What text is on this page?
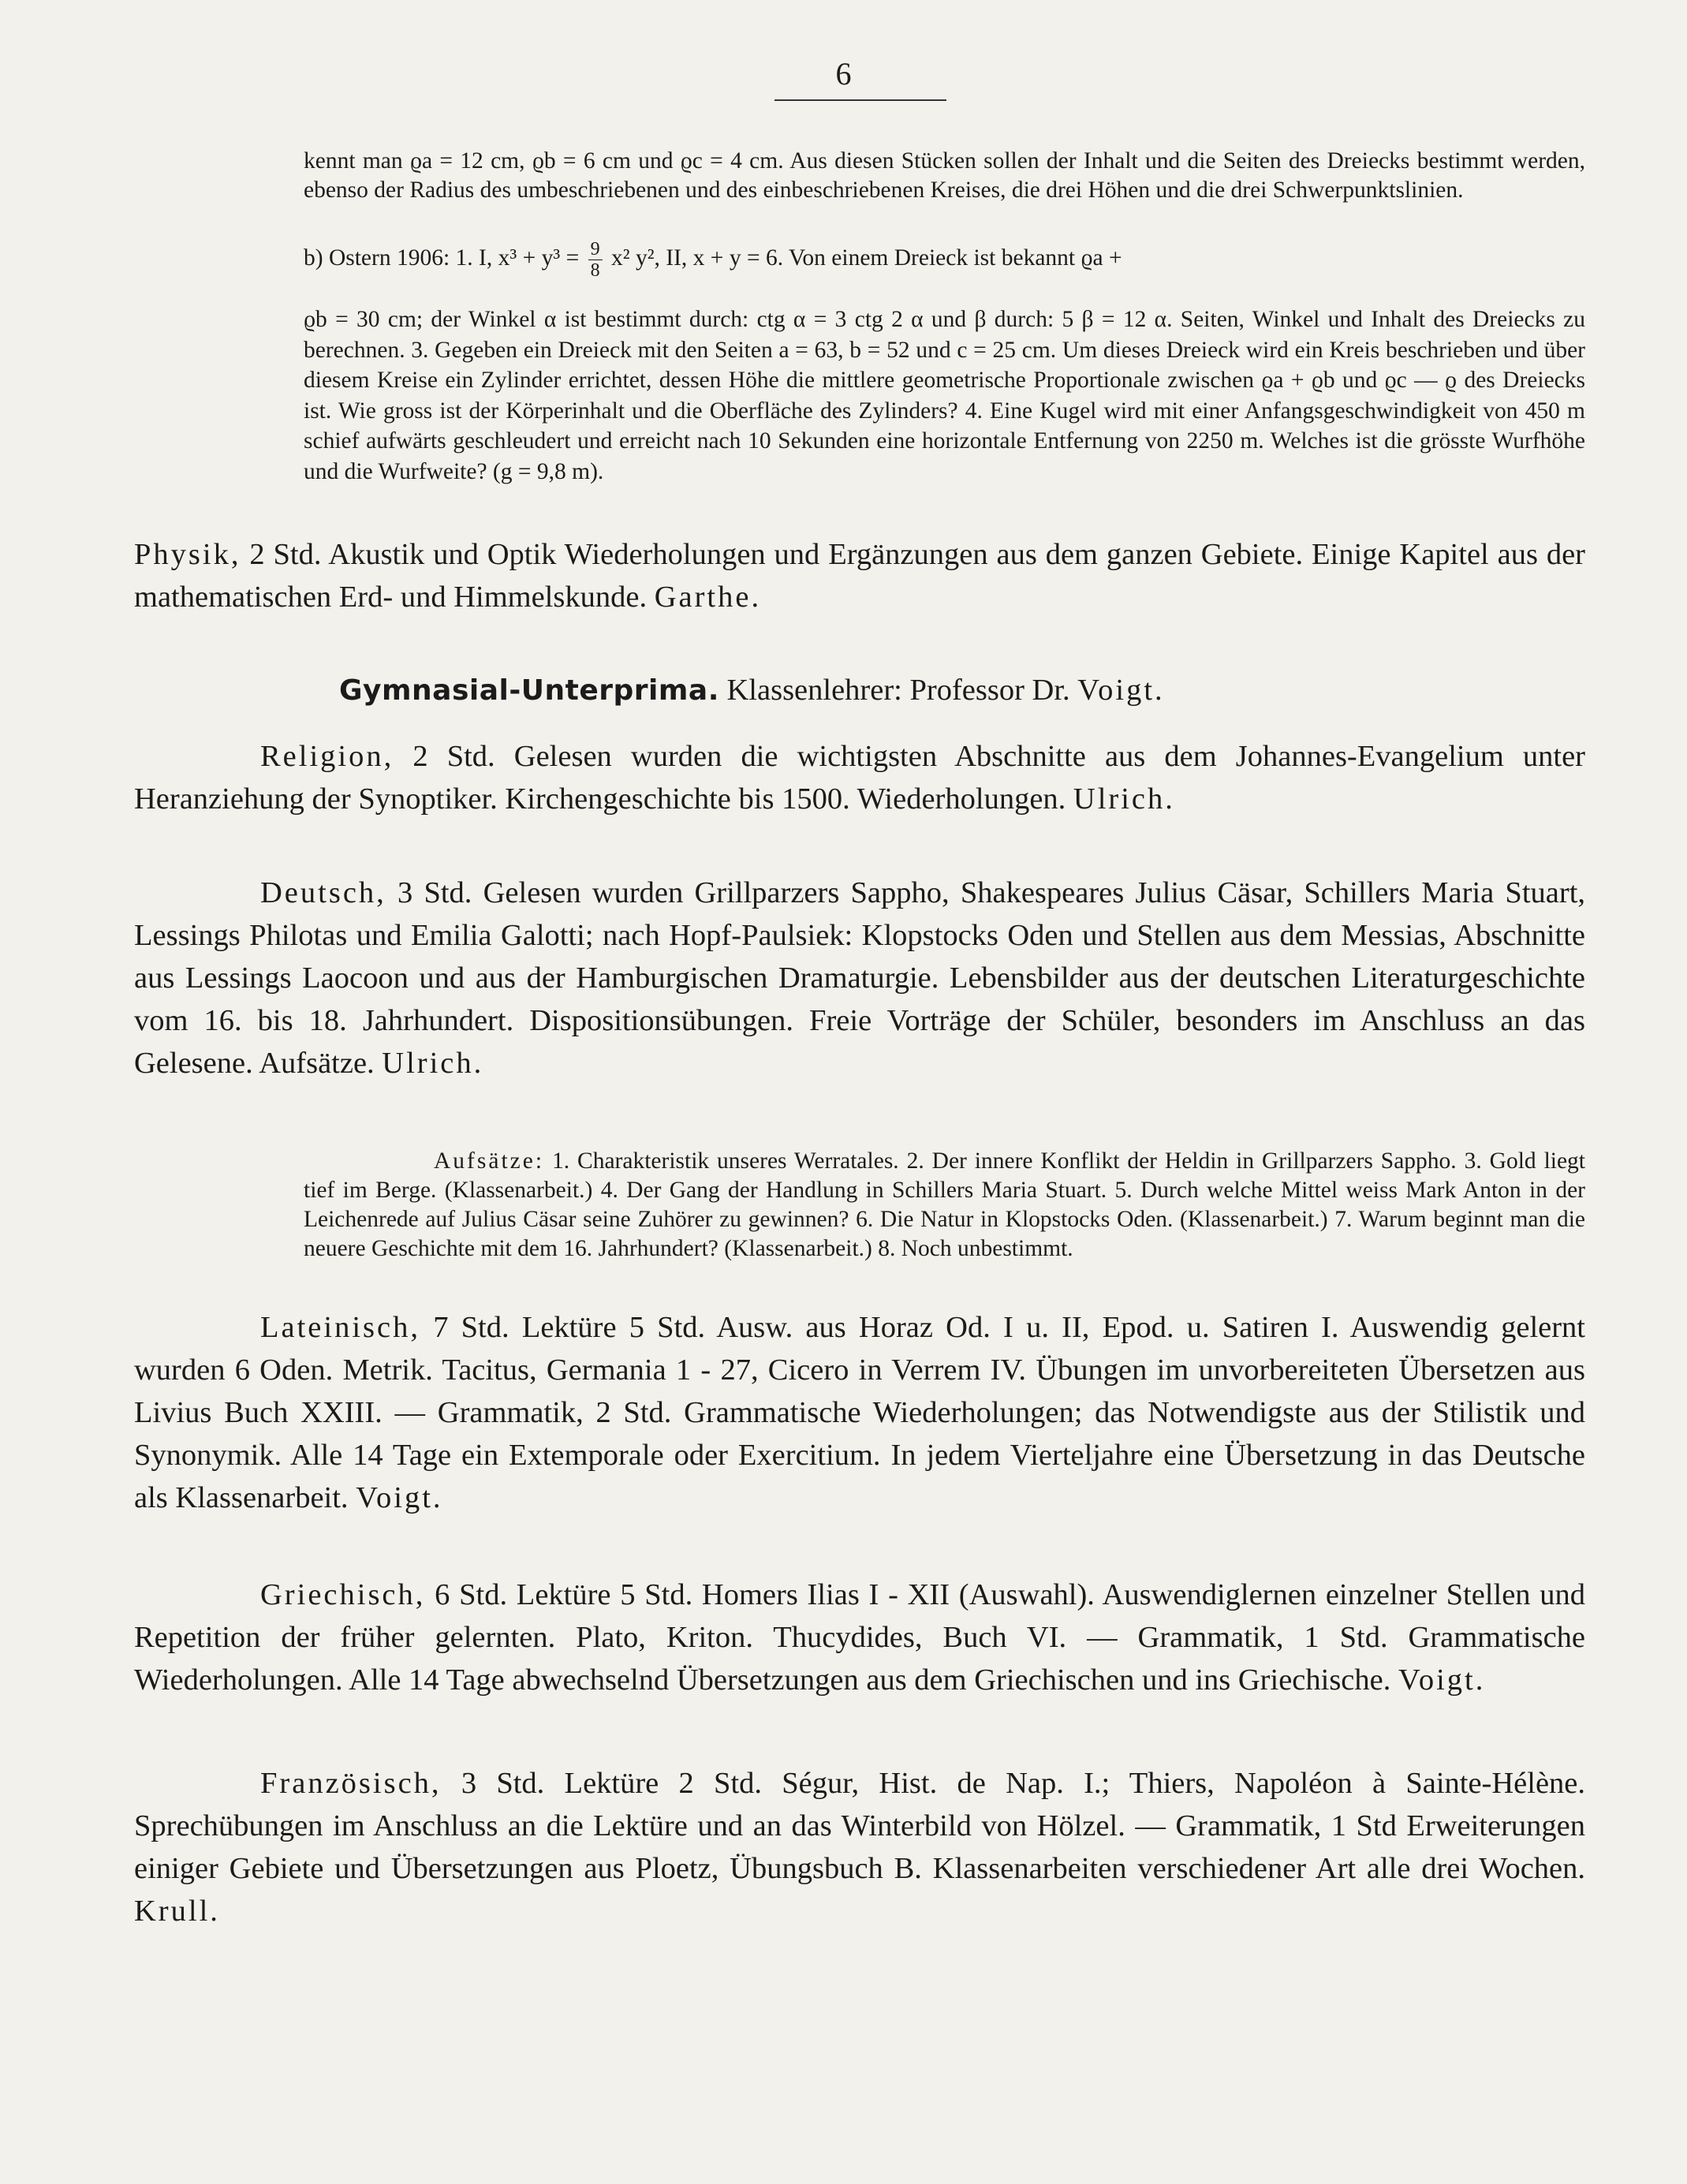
6
kennt man ϱa = 12 cm, ϱb = 6 cm und ϱc = 4 cm. Aus diesen Stücken sollen der Inhalt und die Seiten des Dreiecks bestimmt werden, ebenso der Radius des umbeschriebenen und des einbeschriebenen Kreises, die drei Höhen und die drei Schwerpunktslinien.
b) Ostern 1906: 1. I, $x^3 + y^3 = \frac{9}{8} x^2$ y², II, x + y = 6. Von einem Dreieck ist bekannt ϱa +
ϱb = 30 cm; der Winkel α ist bestimmt durch: ctg α = 3 ctg 2 α und β durch: 5 β = 12 α. Seiten, Winkel und Inhalt des Dreiecks zu berechnen. 3. Gegeben ein Dreieck mit den Seiten a = 63, b = 52 und c = 25 cm. Um dieses Dreieck wird ein Kreis beschrieben und über diesem Kreise ein Zylinder errichtet, dessen Höhe die mittlere geometrische Proportionale zwischen ϱa + ϱb und ϱc — ϱ des Dreiecks ist. Wie gross ist der Körperinhalt und die Oberfläche des Zylinders? 4. Eine Kugel wird mit einer Anfangsgeschwindigkeit von 450 m schief aufwärts geschleudert und erreicht nach 10 Sekunden eine horizontale Entfernung von 2250 m. Welches ist die grösste Wurfhöhe und die Wurfweite? (g = 9,8 m).
Physik, 2 Std. Akustik und Optik Wiederholungen und Ergänzungen aus dem ganzen Gebiete. Einige Kapitel aus der mathematischen Erd- und Himmelskunde. Garthe.
Gymnasial-Unterprima. Klassenlehrer: Professor Dr. Voigt.
Religion, 2 Std. Gelesen wurden die wichtigsten Abschnitte aus dem Johannes-Evangelium unter Heranziehung der Synoptiker. Kirchengeschichte bis 1500. Wiederholungen. Ulrich.
Deutsch, 3 Std. Gelesen wurden Grillparzers Sappho, Shakespeares Julius Cäsar, Schillers Maria Stuart, Lessings Philotas und Emilia Galotti; nach Hopf-Paulsiek: Klopstocks Oden und Stellen aus dem Messias, Abschnitte aus Lessings Laocoon und aus der Hamburgischen Dramaturgie. Lebensbilder aus der deutschen Literaturgeschichte vom 16. bis 18. Jahrhundert. Dispositionsübungen. Freie Vorträge der Schüler, besonders im Anschluss an das Gelesene. Aufsätze. Ulrich.
Aufsätze: 1. Charakteristik unseres Werratales. 2. Der innere Konflikt der Heldin in Grillparzers Sappho. 3. Gold liegt tief im Berge. (Klassenarbeit.) 4. Der Gang der Handlung in Schillers Maria Stuart. 5. Durch welche Mittel weiss Mark Anton in der Leichenrede auf Julius Cäsar seine Zuhörer zu gewinnen? 6. Die Natur in Klopstocks Oden. (Klassenarbeit.) 7. Warum beginnt man die neuere Geschichte mit dem 16. Jahrhundert? (Klassenarbeit.) 8. Noch unbestimmt.
Lateinisch, 7 Std. Lektüre 5 Std. Ausw. aus Horaz Od. I u. II, Epod. u. Satiren I. Auswendig gelernt wurden 6 Oden. Metrik. Tacitus, Germania 1 - 27, Cicero in Verrem IV. Übungen im unvorbereiteten Übersetzen aus Livius Buch XXIII. — Grammatik, 2 Std. Grammatische Wiederholungen; das Notwendigste aus der Stilistik und Synonymik. Alle 14 Tage ein Extemporale oder Exercitium. In jedem Vierteljahre eine Übersetzung in das Deutsche als Klassenarbeit. Voigt.
Griechisch, 6 Std. Lektüre 5 Std. Homers Ilias I - XII (Auswahl). Auswendiglernen einzelner Stellen und Repetition der früher gelernten. Plato, Kriton. Thucydides, Buch VI. — Grammatik, 1 Std. Grammatische Wiederholungen. Alle 14 Tage abwechselnd Übersetzungen aus dem Griechischen und ins Griechische. Voigt.
Französisch, 3 Std. Lektüre 2 Std. Ségur, Hist. de Nap. I.; Thiers, Napoléon à Sainte-Hélène. Sprechübungen im Anschluss an die Lektüre und an das Winterbild von Hölzel. — Grammatik, 1 Std Erweiterungen einiger Gebiete und Übersetzungen aus Ploetz, Übungsbuch B. Klassenarbeiten verschiedener Art alle drei Wochen. Krull.
